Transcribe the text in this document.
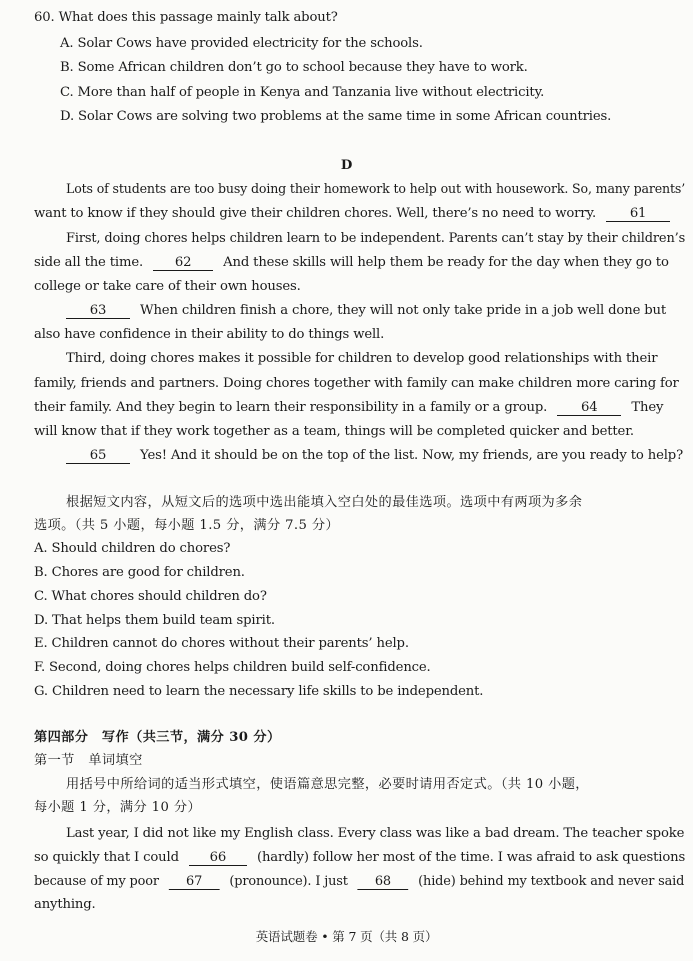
60. What does this passage mainly talk about?
A. Solar Cows have provided electricity for the schools.
B. Some African children don’t go to school because they have to work.
C. More than half of people in Kenya and Tanzania live without electricity.
D. Solar Cows are solving two problems at the same time in some African countries.
D
Lots of students are too busy doing their homework to help out with housework. So, many parents’
want to know if they should give their children chores. Well, there’s no need to worry.	61
First, doing chores helps children learn to be independent. Parents can’t stay by their children’s
side all the time. 62 And these skills will help them be ready for the day when they go to
college or take care of their own houses.
63	When children finish a chore, they will not only take pride in a job well done but
also have confidence in their ability to do things well.
Third, doing chores makes it possible for children to develop good relationships with their
family, friends and partners. Doing chores together with family can make children more caring for
their family. And they begin to learn their responsibility in a family or a group.	64	They
will know that if they work together as a team, things will be completed quicker and better.
65	Yes! And it should be on the top of the list. Now, my friends, are you ready to help?
根据短文内容，从短文后的选项中选出能填入空白处的最佳选项。选项中有两项为多余
选项。（共 5 小题，每小题 1.5 分，满分 7.5 分）
A. Should children do chores?
B. Chores are good for children.
C. What chores should children do?
D. That helps them build team spirit.
E. Children cannot do chores without their parents’ help.
F. Second, doing chores helps children build self-confidence.
G. Children need to learn the necessary life skills to be independent.
第四部分　写作（共三节，满分 30 分）
第一节　单词填空
用括号中所给词的适当形式填空，使语篇意思完整，必要时请用否定式。（共 10 小题，
每小题 1 分，满分 10 分）
Last year, I did not like my English class. Every class was like a bad dream. The teacher spoke
so quickly that I could 66 (hardly) follow her most of the time. I was afraid to ask questions
because of my poor 67 (pronounce). I just 68 (hide) behind my textbook and never said
anything.
英语试题卷 • 第 7 页（共 8 页）
